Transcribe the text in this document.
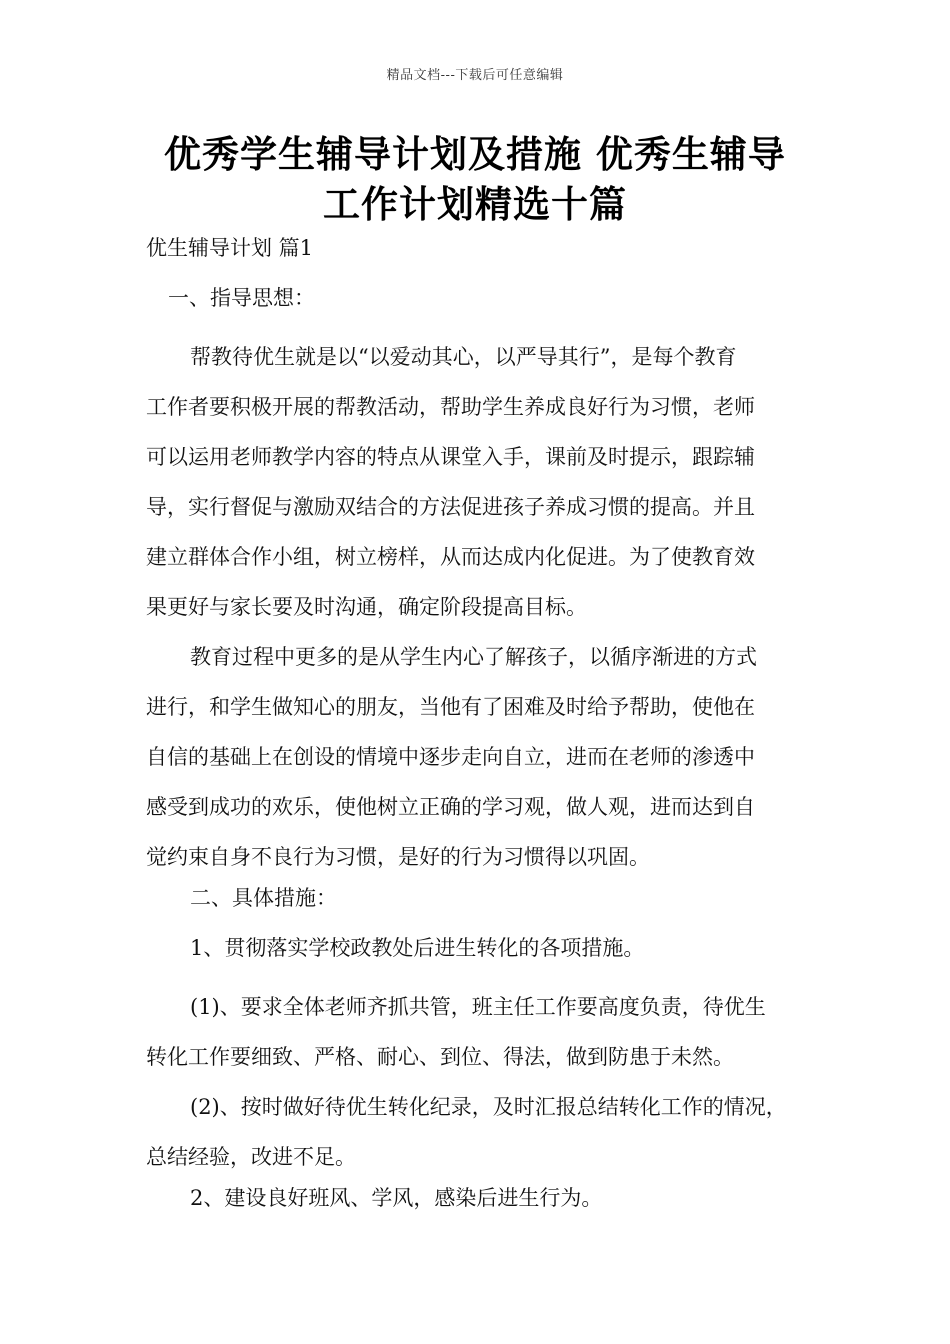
精品文档---下载后可任意编辑
优秀学生辅导计划及措施 优秀生辅导
工作计划精选十篇
优生辅导计划 篇1
一、指导思想：

帮教待优生就是以“以爱动其心，以严导其行”，是每个教育
工作者要积极开展的帮教活动，帮助学生养成良好行为习惯，老师
可以运用老师教学内容的特点从课堂入手，课前及时提示，跟踪辅
导，实行督促与激励双结合的方法促进孩子养成习惯的提高。并且
建立群体合作小组，树立榜样，从而达成内化促进。为了使教育效
果更好与家长要及时沟通，确定阶段提高目标。

教育过程中更多的是从学生内心了解孩子，以循序渐进的方式
进行，和学生做知心的朋友，当他有了困难及时给予帮助，使他在
自信的基础上在创设的情境中逐步走向自立，进而在老师的渗透中
感受到成功的欢乐，使他树立正确的学习观，做人观，进而达到自
觉约束自身不良行为习惯，是好的行为习惯得以巩固。

二、具体措施：
1、贯彻落实学校政教处后进生转化的各项措施。

(1)、要求全体老师齐抓共管，班主任工作要高度负责，待优生
转化工作要细致、严格、耐心、到位、得法，做到防患于未然。

(2)、按时做好待优生转化纪录，及时汇报总结转化工作的情况，
总结经验，改进不足。

2、建设良好班风、学风，感染后进生行为。
